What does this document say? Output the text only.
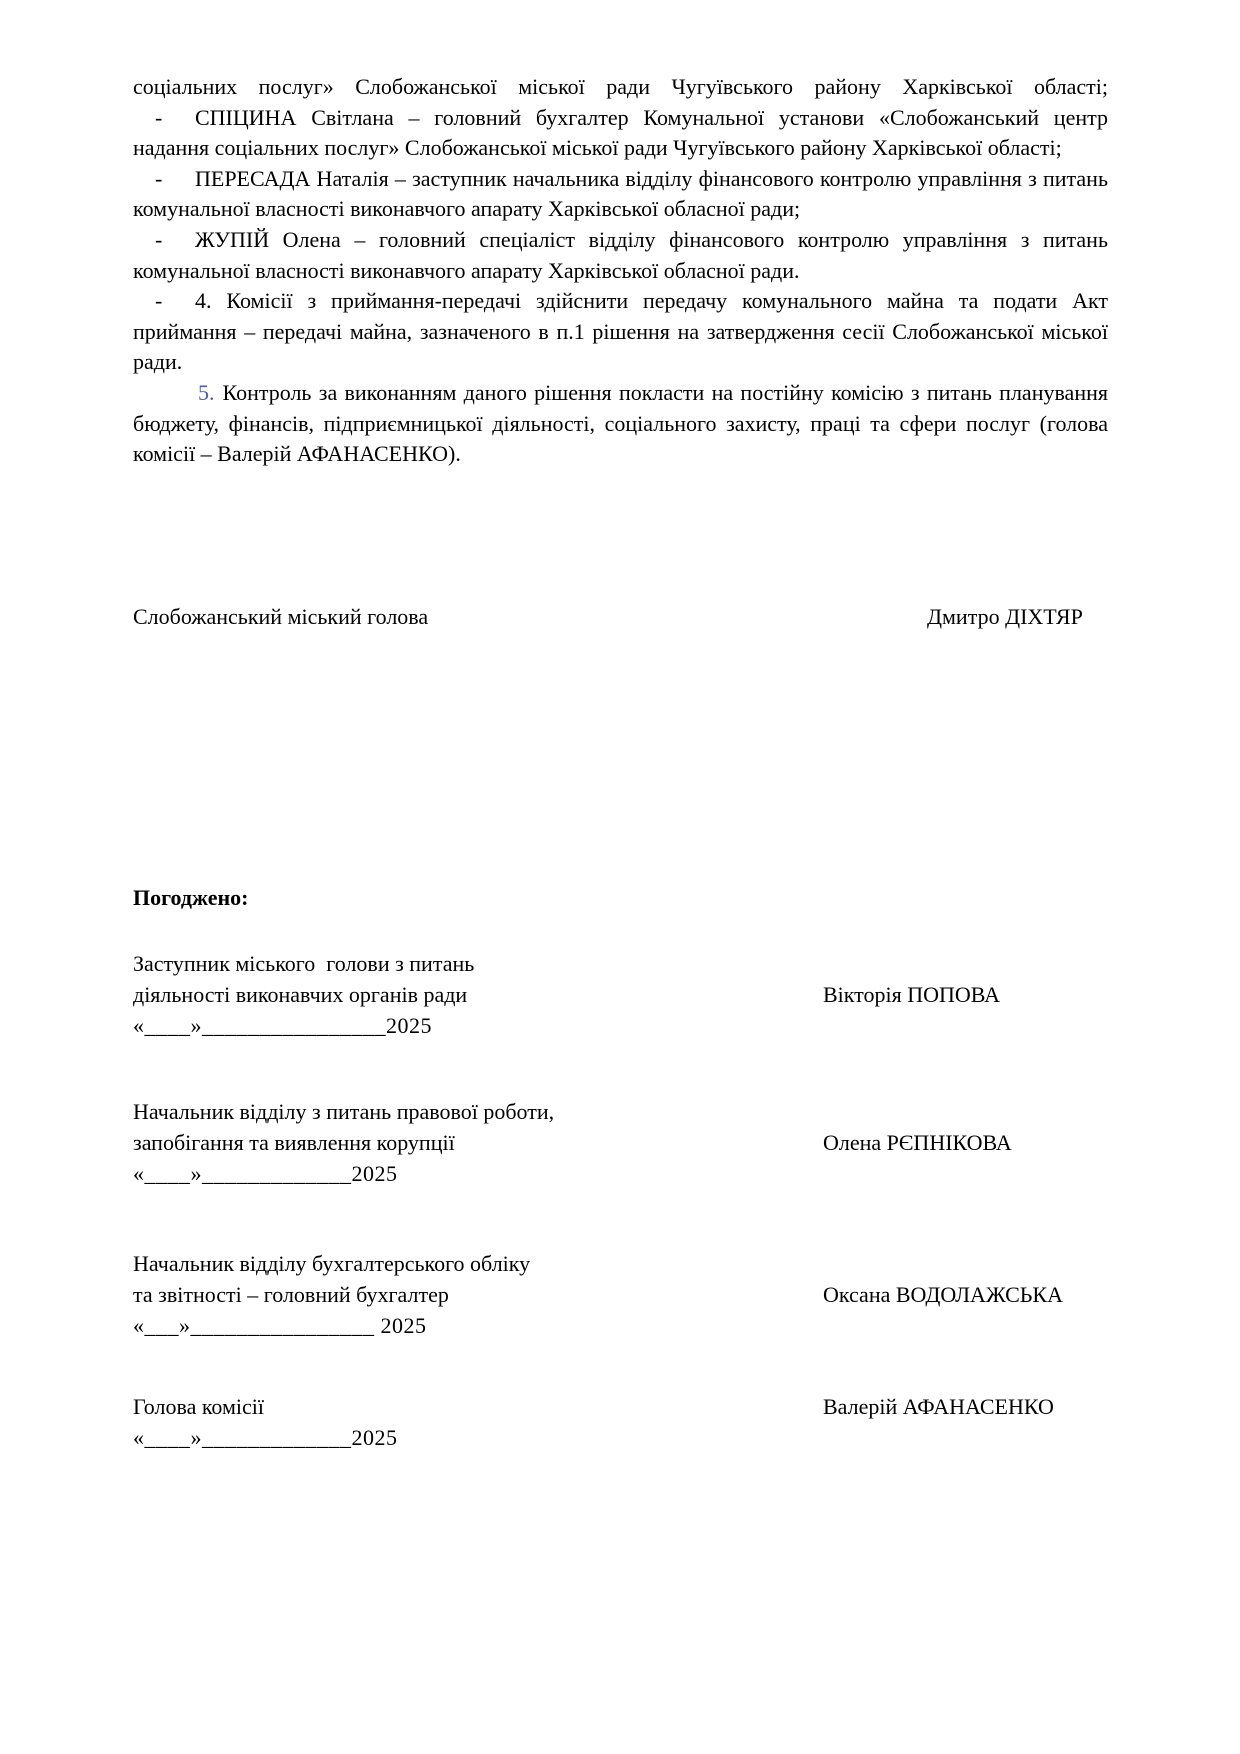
соціальних послуг» Слобожанської міської ради Чугуївського району Харківської області;

- СПІЦИНА Світлана – головний бухгалтер Комунальної установи «Слобожанський центр надання соціальних послуг» Слобожанської міської ради Чугуївського району Харківської області;

- ПЕРЕСАДА Наталія – заступник начальника відділу фінансового контролю управління з питань комунальної власності виконавчого апарату Харківської обласної ради;

- ЖУПІЙ Олена – головний спеціаліст відділу фінансового контролю управління з питань комунальної власності виконавчого апарату Харківської обласної ради.

- 4. Комісії з приймання-передачі здійснити передачу комунального майна та подати Акт приймання – передачі майна, зазначеного в п.1 рішення на затвердження сесії Слобожанської міської ради.

5. Контроль за виконанням даного рішення покласти на постійну комісію з питань планування бюджету, фінансів, підприємницької діяльності, соціального захисту, праці та сфери послуг (голова комісії – Валерій АФАНАСЕНКО).

Слобожанський міський голова	Дмитро ДІХТЯР
Погоджено:
Заступник міського  голови з питань
діяльності виконавчих органів ради	Вікторія ПОПОВА
«____»________________2025
Начальник відділу з питань правової роботи,
запобігання та виявлення корупції	Олена РЄПНІКОВА
«____»_____________2025
Начальник відділу бухгалтерського обліку
та звітності – головний бухгалтер	Оксана ВОДОЛАЖСЬКА
«___»________________ 2025
Голова комісії	Валерій АФАНАСЕНКО
«____»_____________2025
